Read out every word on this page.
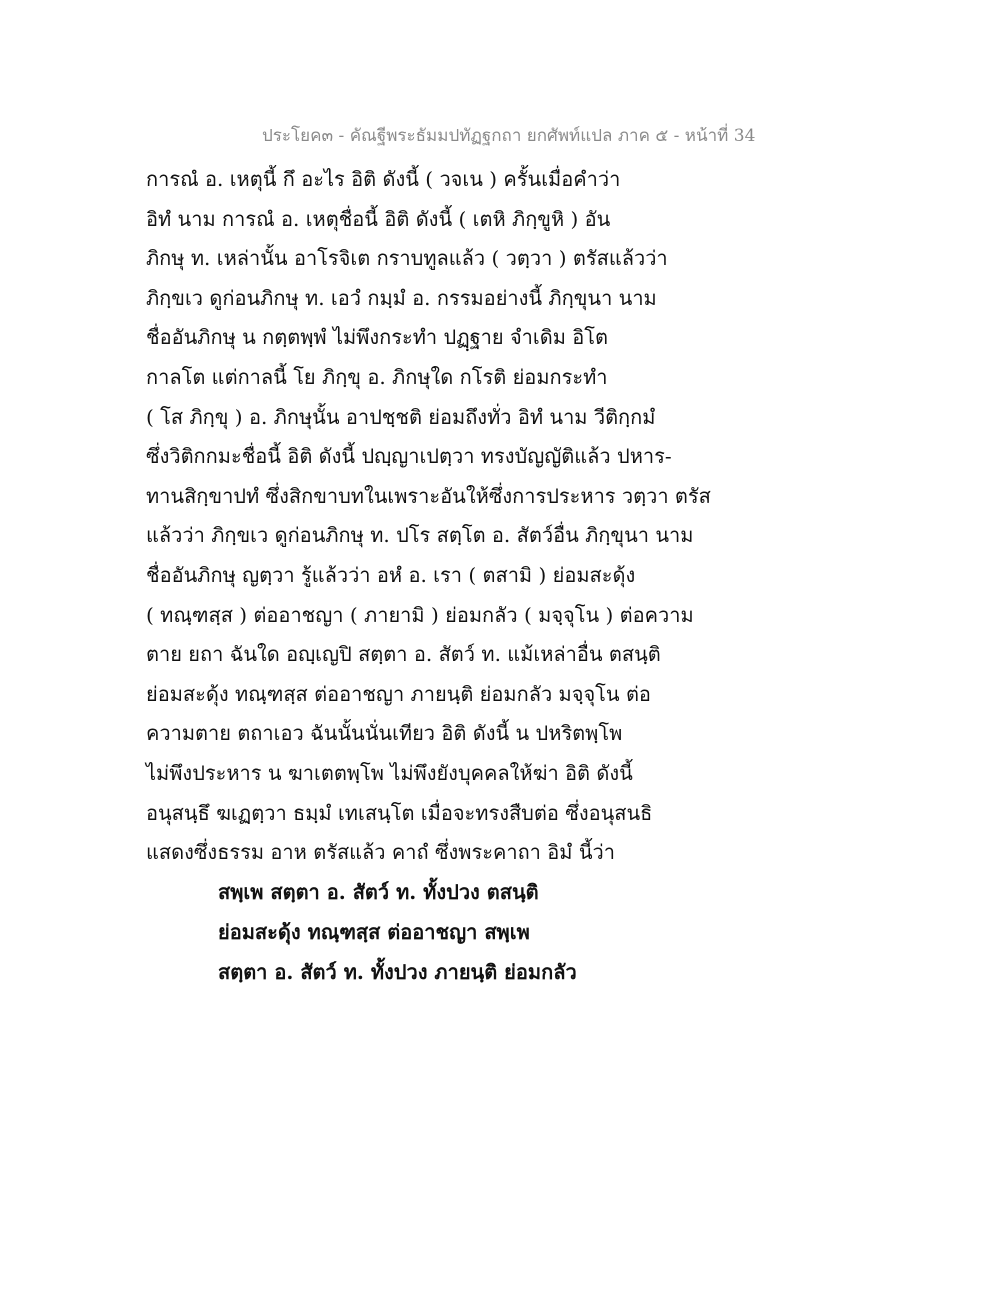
ประโยค๓ - คัณฐีพระธัมมปทัฏฐกถา ยกศัพท์แปล ภาค ๕ - หน้าที่ 34
การณํ อ. เหตุนี้ กึ อะไร อิติ ดังนี้ ( วจเน ) ครั้นเมื่อคำว่า
อิทํ นาม การณํ อ. เหตุชื่อนี้ อิติ ดังนี้ ( เตหิ ภิกฺขูหิ ) อัน
ภิกษุ ท. เหล่านั้น อาโรจิเต กราบทูลแล้ว ( วตฺวา ) ตรัสแล้วว่า
ภิกฺขเว ดูก่อนภิกษุ ท. เอวํ กมฺมํ อ. กรรมอย่างนี้ ภิกฺขุนา นาม
ชื่ออันภิกษุ น กตฺตพฺพํ ไม่พึงกระทำ ปฏฺฐาย จำเดิม อิโต
กาลโต แต่กาลนี้ โย ภิกฺขุ อ. ภิกษุใด กโรติ ย่อมกระทำ
( โส ภิกฺขุ ) อ. ภิกษุนั้น อาปชฺชติ ย่อมถึงทั่ว อิทํ นาม วีติกฺกมํ
ซึ่งวิติกกมะชื่อนี้ อิติ ดังนี้ ปญฺญาเปตฺวา ทรงบัญญัติแล้ว ปหาร-
ทานสิกฺขาปทํ ซึ่งสิกขาบทในเพราะอันให้ซึ่งการประหาร วตฺวา ตรัส
แล้วว่า ภิกฺขเว ดูก่อนภิกษุ ท. ปโร สตฺโต อ. สัตว์อื่น ภิกฺขุนา นาม
ชื่ออันภิกษุ ญตฺวา รู้แล้วว่า อหํ อ. เรา ( ตสามิ ) ย่อมสะดุ้ง
( ทณฺฑสฺส ) ต่ออาชญา ( ภายามิ ) ย่อมกลัว ( มจฺจุโน ) ต่อความ
ตาย ยถา ฉันใด อญฺเญปิ สตฺตา อ. สัตว์ ท. แม้เหล่าอื่น ตสนฺติ
ย่อมสะดุ้ง ทณฺฑสฺส ต่ออาชญา ภายนฺติ ย่อมกลัว มจฺจุโน ต่อ
ความตาย ตถาเอว ฉันนั้นนั่นเทียว อิติ ดังนี้ น ปหริตพฺโพ
ไม่พึงประหาร น ฆาเตตพฺโพ ไม่พึงยังบุคคลให้ฆ่า อิติ ดังนี้
อนุสนฺธึ ฆเฏตฺวา ธมฺมํ เทเสนฺโต เมื่อจะทรงสืบต่อ ซึ่งอนุสนธิ
แสดงซึ่งธรรม อาห ตรัสแล้ว คาถํ ซึ่งพระคาถา อิมํ นี้ว่า
สพฺเพ สตฺตา อ. สัตว์ ท. ทั้งปวง ตสนฺติ
ย่อมสะดุ้ง ทณฺฑสฺส ต่ออาชญา สพฺเพ
สตฺตา อ. สัตว์ ท. ทั้งปวง ภายนฺติ ย่อมกลัว
